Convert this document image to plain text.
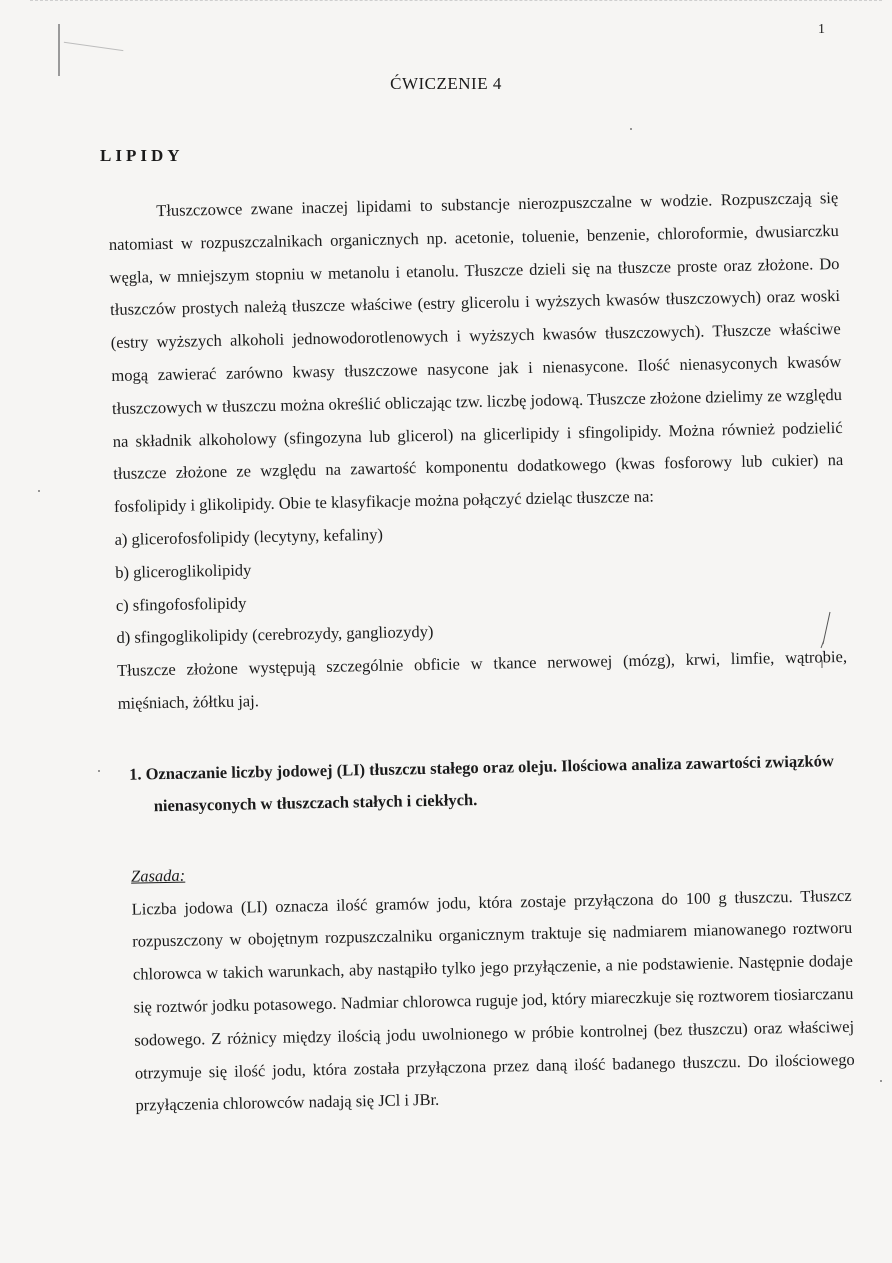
1
ĆWICZENIE 4
LIPIDY

Tłuszczowce zwane inaczej lipidami to substancje nierozpuszczalne w wodzie. Rozpuszczają się natomiast w rozpuszczalnikach organicznych np. acetonie, toluenie, benzenie, chloroformie, dwusiarczku węgla, w mniejszym stopniu w metanolu i etanolu. Tłuszcze dzieli się na tłuszcze proste oraz złożone. Do tłuszczów prostych należą tłuszcze właściwe (estry glicerolu i wyższych kwasów tłuszczowych) oraz woski (estry wyższych alkoholi jednowodorotlenowych i wyższych kwasów tłuszczowych). Tłuszcze właściwe mogą zawierać zarówno kwasy tłuszczowe nasycone jak i nienasycone. Ilość nienasyconych kwasów tłuszczowych w tłuszczu można określić obliczając tzw. liczbę jodową. Tłuszcze złożone dzielimy ze względu na składnik alkoholowy (sfingozyna lub glicerol) na glicerlipidy i sfingolipidy. Można również podzielić tłuszcze złożone ze względu na zawartość komponentu dodatkowego (kwas fosforowy lub cukier) na fosfolipidy i glikolipidy. Obie te klasyfikacje można połączyć dzieląc tłuszcze na:

a) glicerofosfolipidy (lecytyny, kefaliny)
b) gliceroglikolipidy
c) sfingofosfolipidy
d) sfingoglikolipidy (cerebrozydy, gangliozydy)

Tłuszcze złożone występują szczególnie obficie w tkance nerwowej (mózg), krwi, limfie, wątrobie, mięśniach, żółtku jaj.

1. Oznaczanie liczby jodowej (LI) tłuszczu stałego oraz oleju. Ilościowa analiza zawartości związków nienasyconych w tłuszczach stałych i ciekłych.

Zasada:

Liczba jodowa (LI) oznacza ilość gramów jodu, która zostaje przyłączona do 100 g tłuszczu. Tłuszcz rozpuszczony w obojętnym rozpuszczalniku organicznym traktuje się nadmiarem mianowanego roztworu chlorowca w takich warunkach, aby nastąpiło tylko jego przyłączenie, a nie podstawienie. Następnie dodaje się roztwór jodku potasowego. Nadmiar chlorowca ruguje jod, który miareczkuje się roztworem tiosiarczanu sodowego. Z różnicy między ilością jodu uwolnionego w próbie kontrolnej (bez tłuszczu) oraz właściwej otrzymuje się ilość jodu, która została przyłączona przez daną ilość badanego tłuszczu. Do ilościowego przyłączenia chlorowców nadają się JCl i JBr.
